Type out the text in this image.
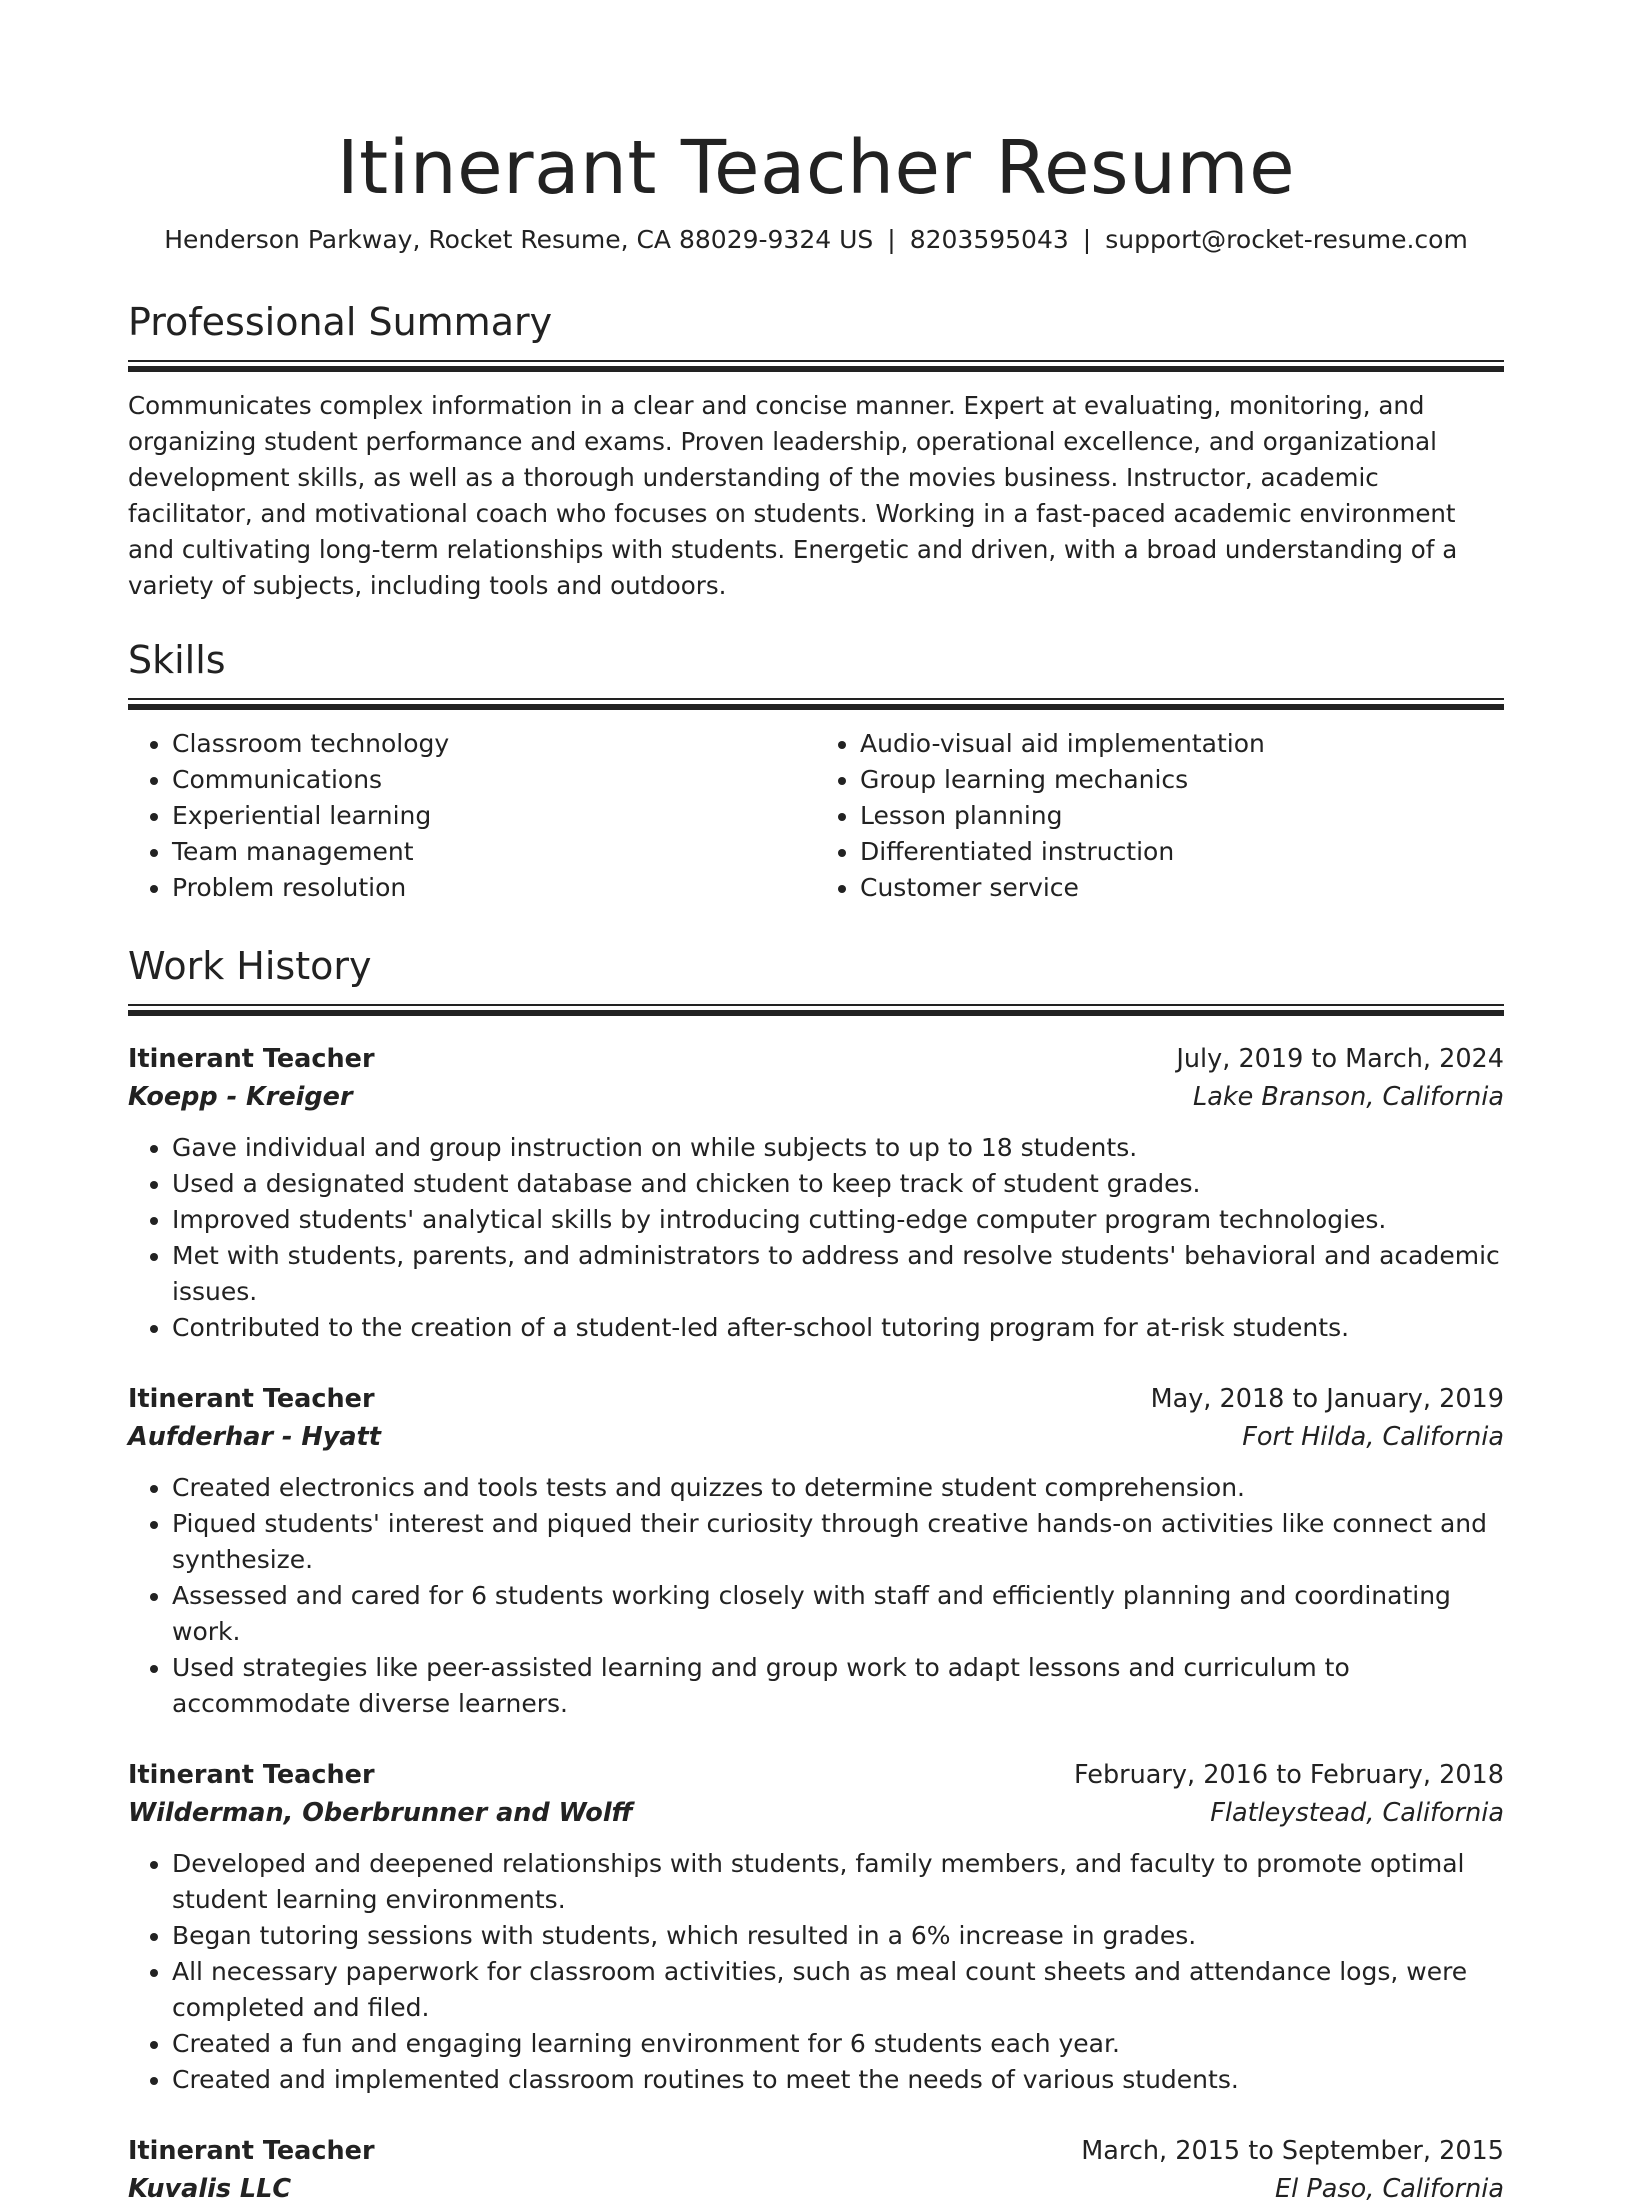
Itinerant Teacher Resume
Henderson Parkway, Rocket Resume, CA 88029-9324 US | 8203595043 | support@rocket-resume.com
Professional Summary

Communicates complex information in a clear and concise manner. Expert at evaluating, monitoring, and organizing student performance and exams. Proven leadership, operational excellence, and organizational development skills, as well as a thorough understanding of the movies business. Instructor, academic facilitator, and motivational coach who focuses on students. Working in a fast-paced academic environment and cultivating long-term relationships with students. Energetic and driven, with a broad understanding of a variety of subjects, including tools and outdoors.

Skills
• Classroom technology
• Communications
• Experiential learning
• Team management
• Problem resolution
• Audio-visual aid implementation
• Group learning mechanics
• Lesson planning
• Differentiated instruction
• Customer service
Work History
Itinerant Teacher	July, 2019 to March, 2024
Koepp - Kreiger	Lake Branson, California
• Gave individual and group instruction on while subjects to up to 18 students.
• Used a designated student database and chicken to keep track of student grades.
• Improved students' analytical skills by introducing cutting-edge computer program technologies.
• Met with students, parents, and administrators to address and resolve students' behavioral and academic issues.
• Contributed to the creation of a student-led after-school tutoring program for at-risk students.
Itinerant Teacher	May, 2018 to January, 2019
Aufderhar - Hyatt	Fort Hilda, California
• Created electronics and tools tests and quizzes to determine student comprehension.
• Piqued students' interest and piqued their curiosity through creative hands-on activities like connect and synthesize.
• Assessed and cared for 6 students working closely with staff and efficiently planning and coordinating work.
• Used strategies like peer-assisted learning and group work to adapt lessons and curriculum to accommodate diverse learners.
Itinerant Teacher	February, 2016 to February, 2018
Wilderman, Oberbrunner and Wolff	Flatleystead, California
• Developed and deepened relationships with students, family members, and faculty to promote optimal student learning environments.
• Began tutoring sessions with students, which resulted in a 6% increase in grades.
• All necessary paperwork for classroom activities, such as meal count sheets and attendance logs, were completed and filed.
• Created a fun and engaging learning environment for 6 students each year.
• Created and implemented classroom routines to meet the needs of various students.
Itinerant Teacher	March, 2015 to September, 2015
Kuvalis LLC	El Paso, California
